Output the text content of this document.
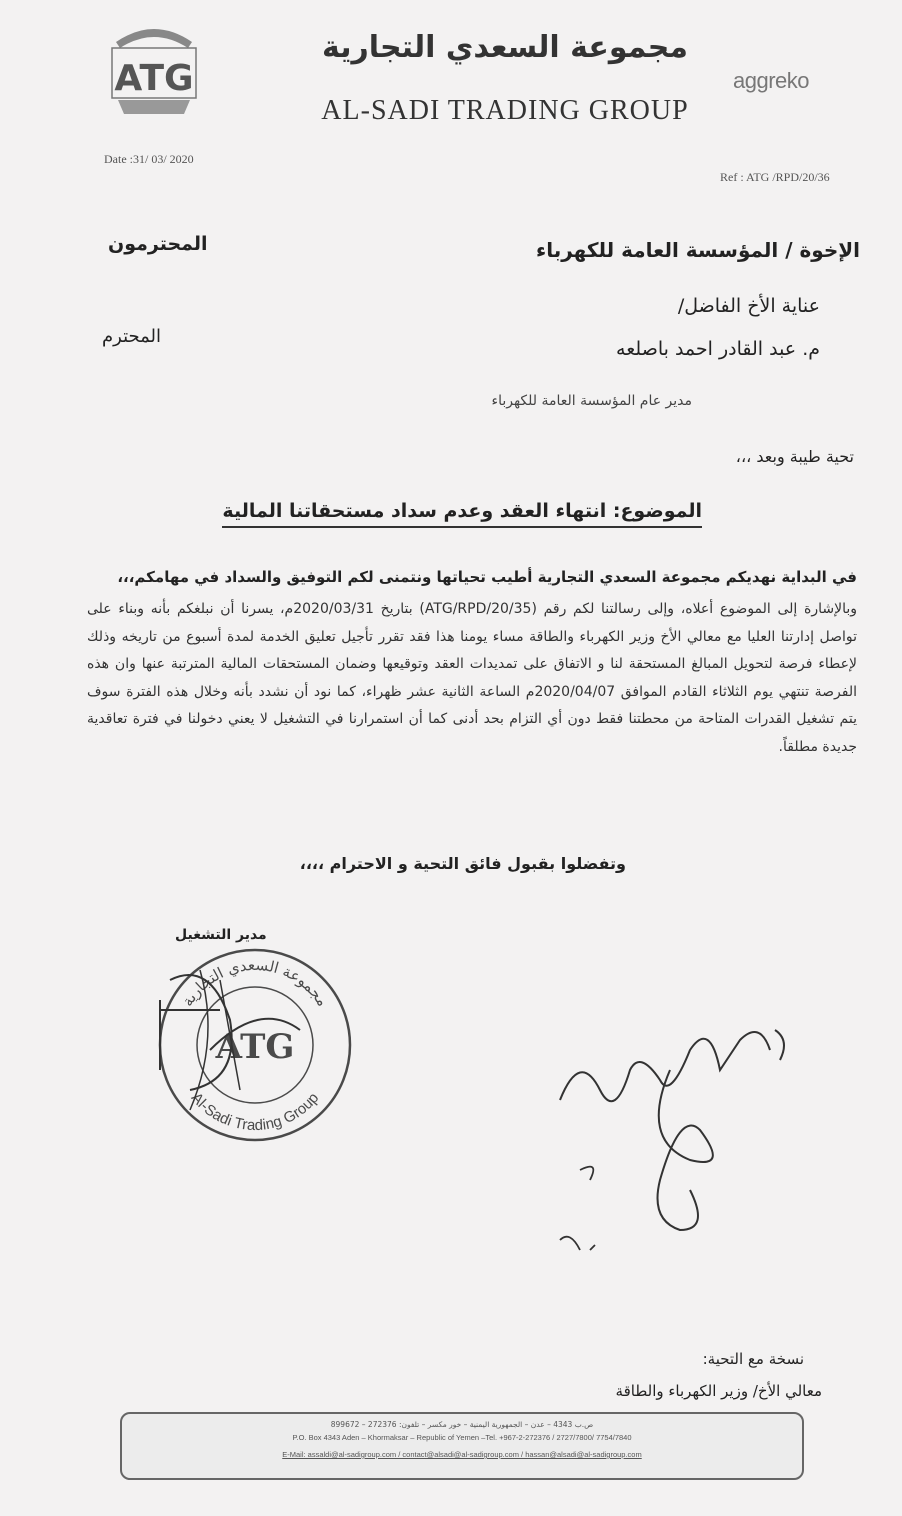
ATG
مجموعة السعدي التجارية
AL-SADI TRADING GROUP
aggreko
Date :31/ 03/ 2020
Ref : ATG /RPD/20/36
الإخوة / المؤسسة العامة للكهرباء
المحترمون
عناية الأخ الفاضل/
م. عبد القادر احمد باصلعه
المحترم
مدير عام المؤسسة العامة للكهرباء
تحية طيبة وبعد ،،،
الموضوع: انتهاء العقد وعدم سداد مستحقاتنا المالية
في البداية نهديكم مجموعة السعدي التجارية أطيب تحياتها ونتمنى لكم التوفيق والسداد في مهامكم،،،
وبالإشارة إلى الموضوع أعلاه، وإلى رسالتنا لكم رقم (ATG/RPD/20/35) بتاريخ 2020/03/31م، يسرنا أن نبلغكم بأنه وبناء على تواصل إدارتنا العليا مع معالي الأخ وزير الكهرباء والطاقة مساء يومنا هذا فقد تقرر تأجيل تعليق الخدمة لمدة أسبوع من تاريخه وذلك لإعطاء فرصة لتحويل المبالغ المستحقة لنا و الاتفاق على تمديدات العقد وتوقيعها وضمان المستحقات المالية المترتبة عنها وان هذه الفرصة تنتهي يوم الثلاثاء القادم الموافق 2020/04/07م الساعة الثانية عشر ظهراء، كما نود أن نشدد بأنه وخلال هذه الفترة سوف يتم تشغيل القدرات المتاحة من محطتنا فقط دون أي التزام بحد أدنى كما أن استمرارنا في التشغيل لا يعني دخولنا في فترة تعاقدية جديدة مطلقاً.
وتفضلوا بقبول فائق التحية و الاحترام ،،،،
مدير التشغيل
مجموعة السعدي التجارية
Al-Sadi Trading Group
ATG
نسخة مع التحية:
معالي الأخ/ وزير الكهرباء والطاقة
ص.ب 4343 – عدن – الجمهورية اليمنية – خور مكسر – تلفون: 272376 – 899672
P.O. Box 4343 Aden – Khormaksar – Republic of Yemen –Tel. +967-2-272376 / 2727/7800/ 7754/7840
E-Mail: assaldi@al-sadigroup.com / contact@alsadi@al-sadigroup.com / hassan@alsadi@al-sadigroup.com
